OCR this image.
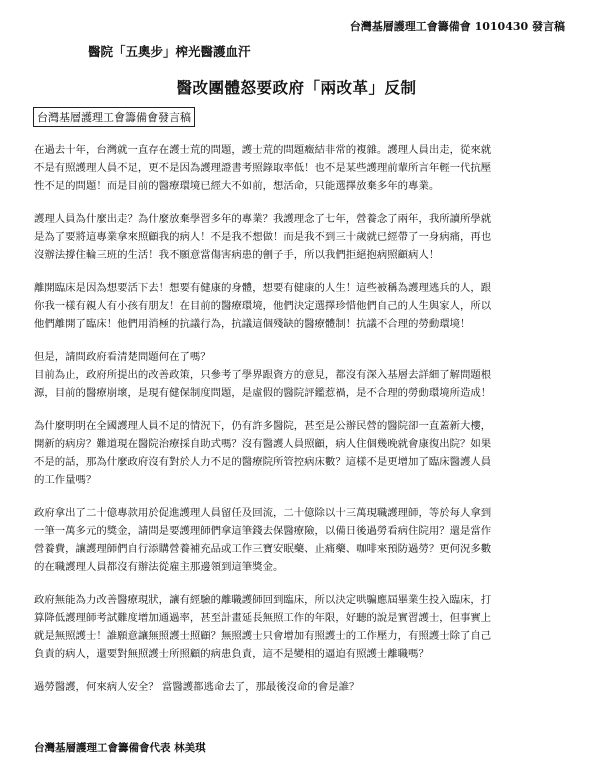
台灣基層護理工會籌備會 1010430 發言稿
醫院「五奧步」榨光醫護血汗
醫改團體怒要政府「兩改革」反制
台灣基層護理工會籌備會發言稿
在過去十年，台灣就一直存在護士荒的問題，護士荒的問題癥結非常的複雜。護理人員出走，從來就
不是有照護理人員不足，更不是因為護理證書考照錄取率低！也不是某些護理前輩所言年輕一代抗壓
性不足的問題！而是目前的醫療環境已經大不如前，想活命，只能選擇放棄多年的專業。
護理人員為什麼出走？為什麼放棄學習多年的專業？我護理念了七年，營養念了兩年，我所讀所學就
是為了要將這專業拿來照顧我的病人！不是我不想做！而是我不到三十歲就已經帶了一身病痛，再也
沒辦法撐住輪三班的生活！我不願意當傷害病患的劊子手，所以我們拒絕抱病照顧病人！
離開臨床是因為想要活下去！想要有健康的身體，想要有健康的人生！這些被稱為護理逃兵的人，跟
你我一樣有親人有小孩有朋友！在目前的醫療環境，他們決定選擇珍惜他們自己的人生與家人，所以
他們離開了臨床！他們用消極的抗議行為，抗議這個殘缺的醫療體制！抗議不合理的勞動環境！
但是，請問政府看清楚問題何在了嗎？
目前為止，政府所提出的改善政策，只參考了學界跟資方的意見，都沒有深入基層去詳細了解問題根
源，目前的醫療崩壞，是現有健保制度問題，是虛假的醫院評鑑惹禍，是不合理的勞動環境所造成！
為什麼明明在全國護理人員不足的情況下，仍有許多醫院，甚至是公辦民營的醫院卻一直蓋新大樓，
開新的病房？難道現在醫院治療採自助式嗎？沒有醫護人員照顧，病人住個幾晚就會康復出院？如果
不是的話，那為什麼政府沒有對於人力不足的醫療院所管控病床數？這樣不是更增加了臨床醫護人員
的工作量嗎？
政府拿出了二十億專款用於促進護理人員留任及回流，二十億除以十三萬現職護理師，等於每人拿到
一筆一萬多元的獎金，請問是要護理師們拿這筆錢去保醫療險，以備日後過勞看病住院用？還是當作
營養費，讓護理師們自行添購營養補充品或工作三寶安眠藥、止痛藥、咖啡來預防過勞？更何況多數
的在職護理人員都沒有辦法從雇主那邊領到這筆獎金。
政府無能為力改善醫療現狀，讓有經驗的離職護師回到臨床，所以決定哄騙應屆畢業生投入臨床，打
算降低護理師考試難度增加通過率，甚至計畫延長無照工作的年限，好聽的說是實習護士，但事實上
就是無照護士！誰願意讓無照護士照顧？無照護士只會增加有照護士的工作壓力，有照護士除了自己
負責的病人，還要對無照護士所照顧的病患負責，這不是變相的逼迫有照護士離職嗎？
過勞醫護，何來病人安全？ 當醫護都逃命去了，那最後沒命的會是誰？
台灣基層護理工會籌備會代表 林美琪
